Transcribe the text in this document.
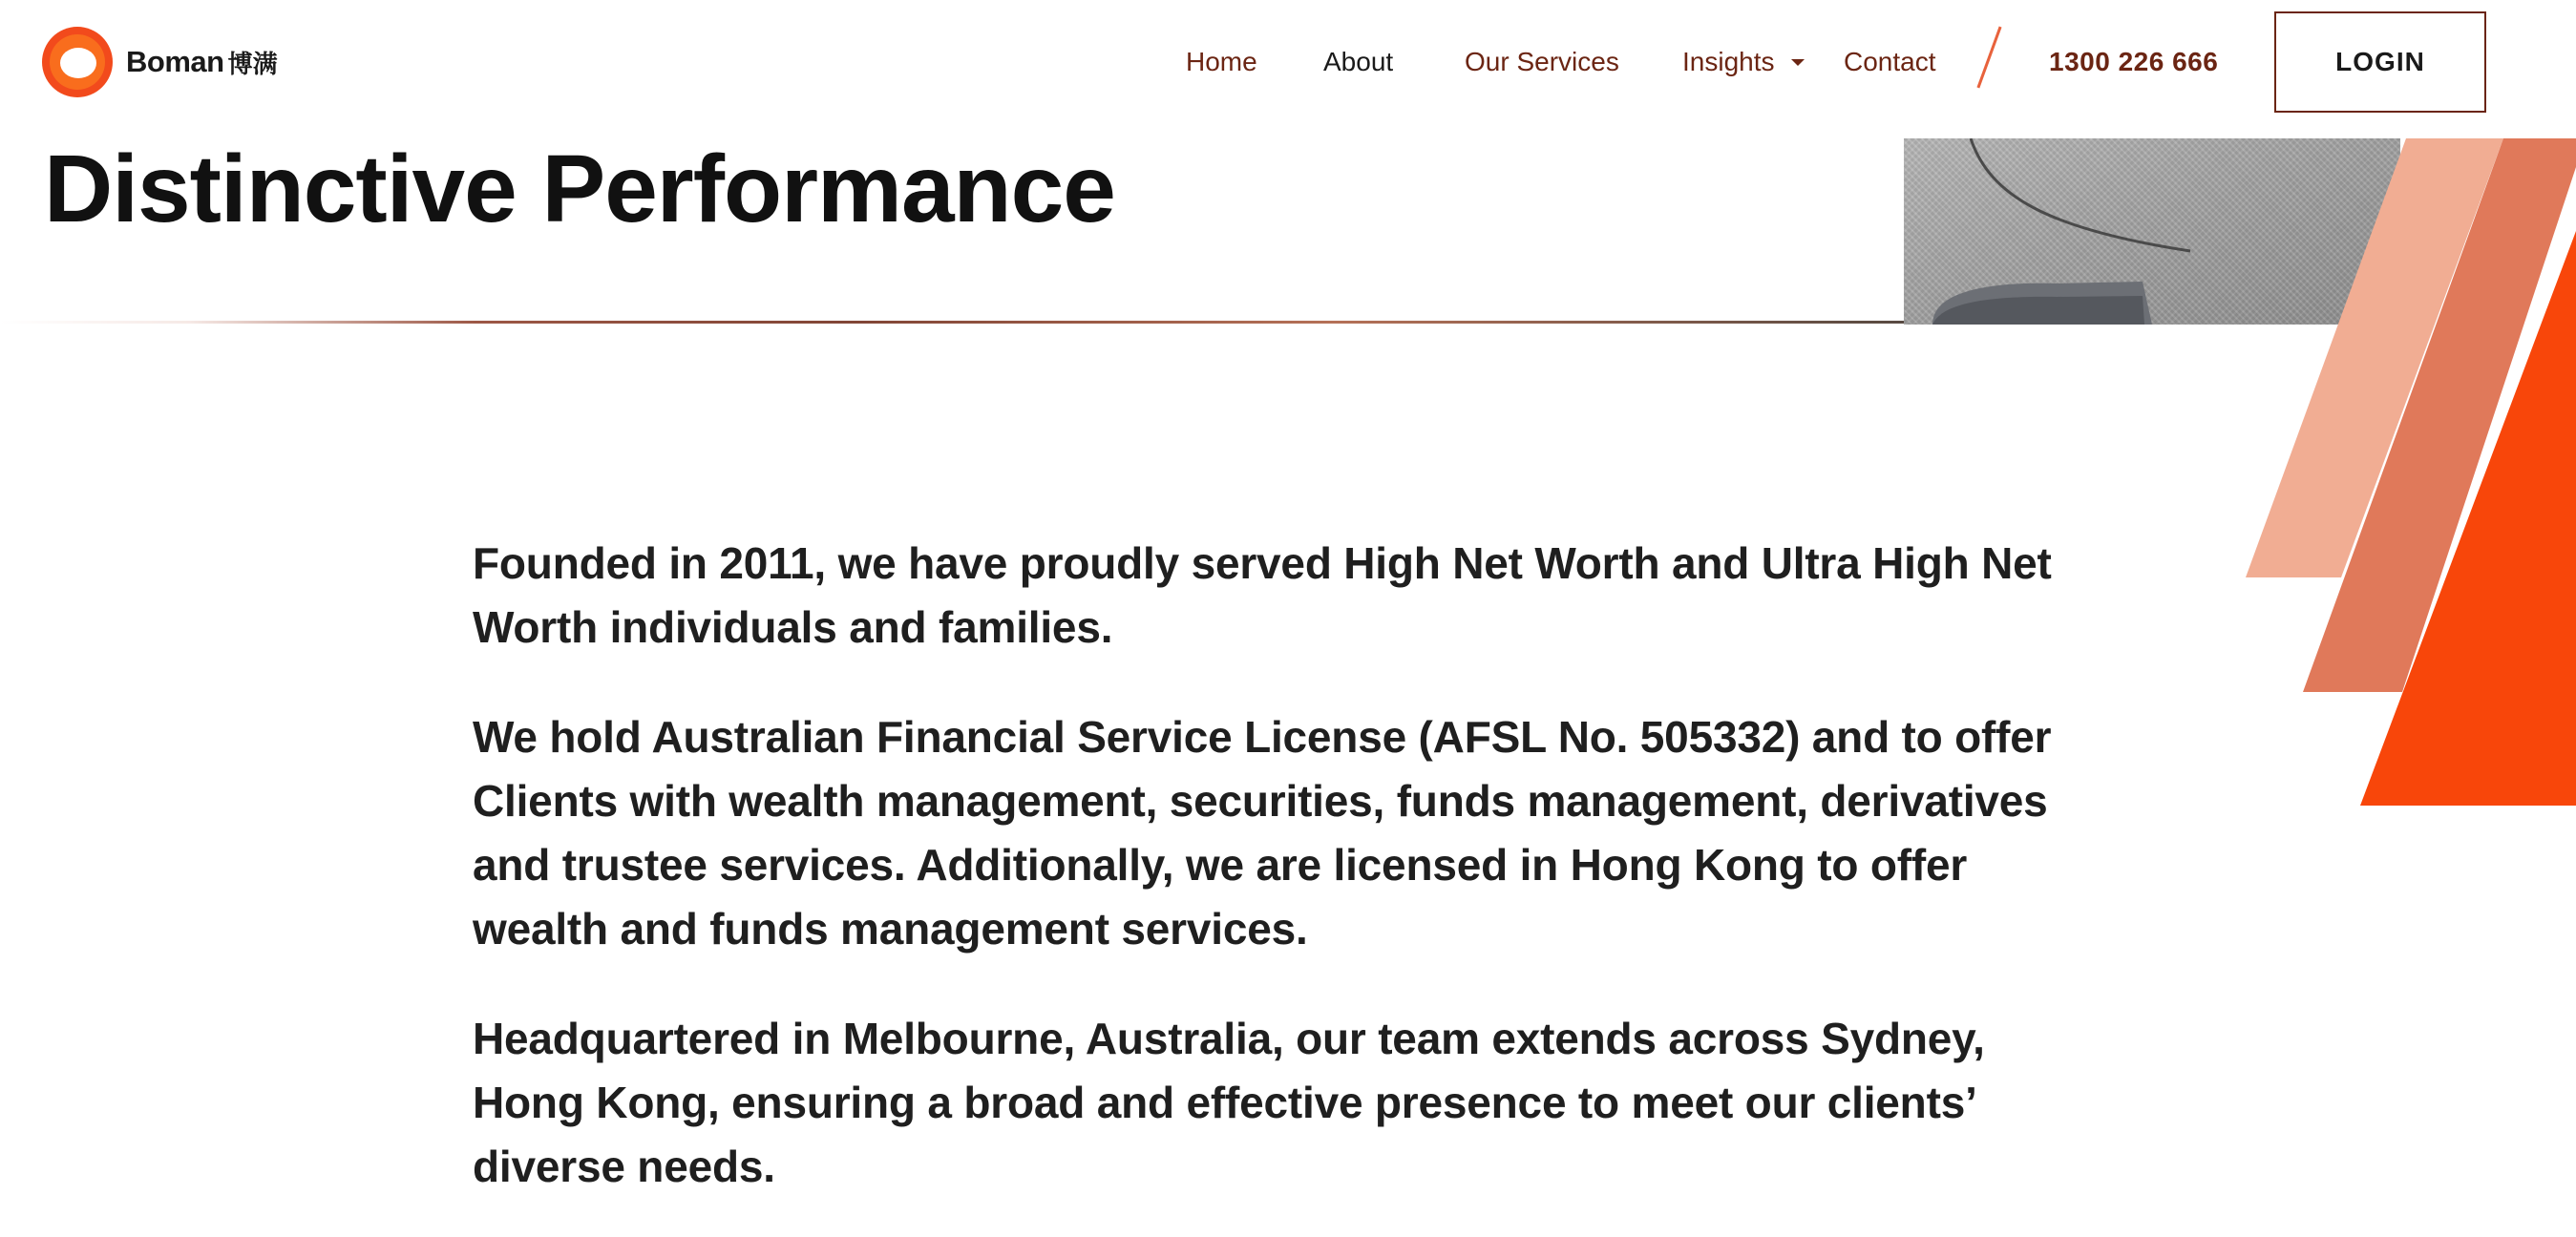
Boman 博满	Home About	Our Services Insights	Contact	1300 226 666	LOGIN
Distinctive Performance

Founded in 2011, we have proudly served High Net Worth and Ultra High Net Worth individuals and families.

We hold Australian Financial Service License (AFSL No. 505332) and to offer Clients with wealth management, securities, funds management, derivatives and trustee services. Additionally, we are licensed in Hong Kong to offer wealth and funds management services.

Headquartered in Melbourne, Australia, our team extends across Sydney, Hong Kong, ensuring a broad and effective presence to meet our clients’ diverse needs.
